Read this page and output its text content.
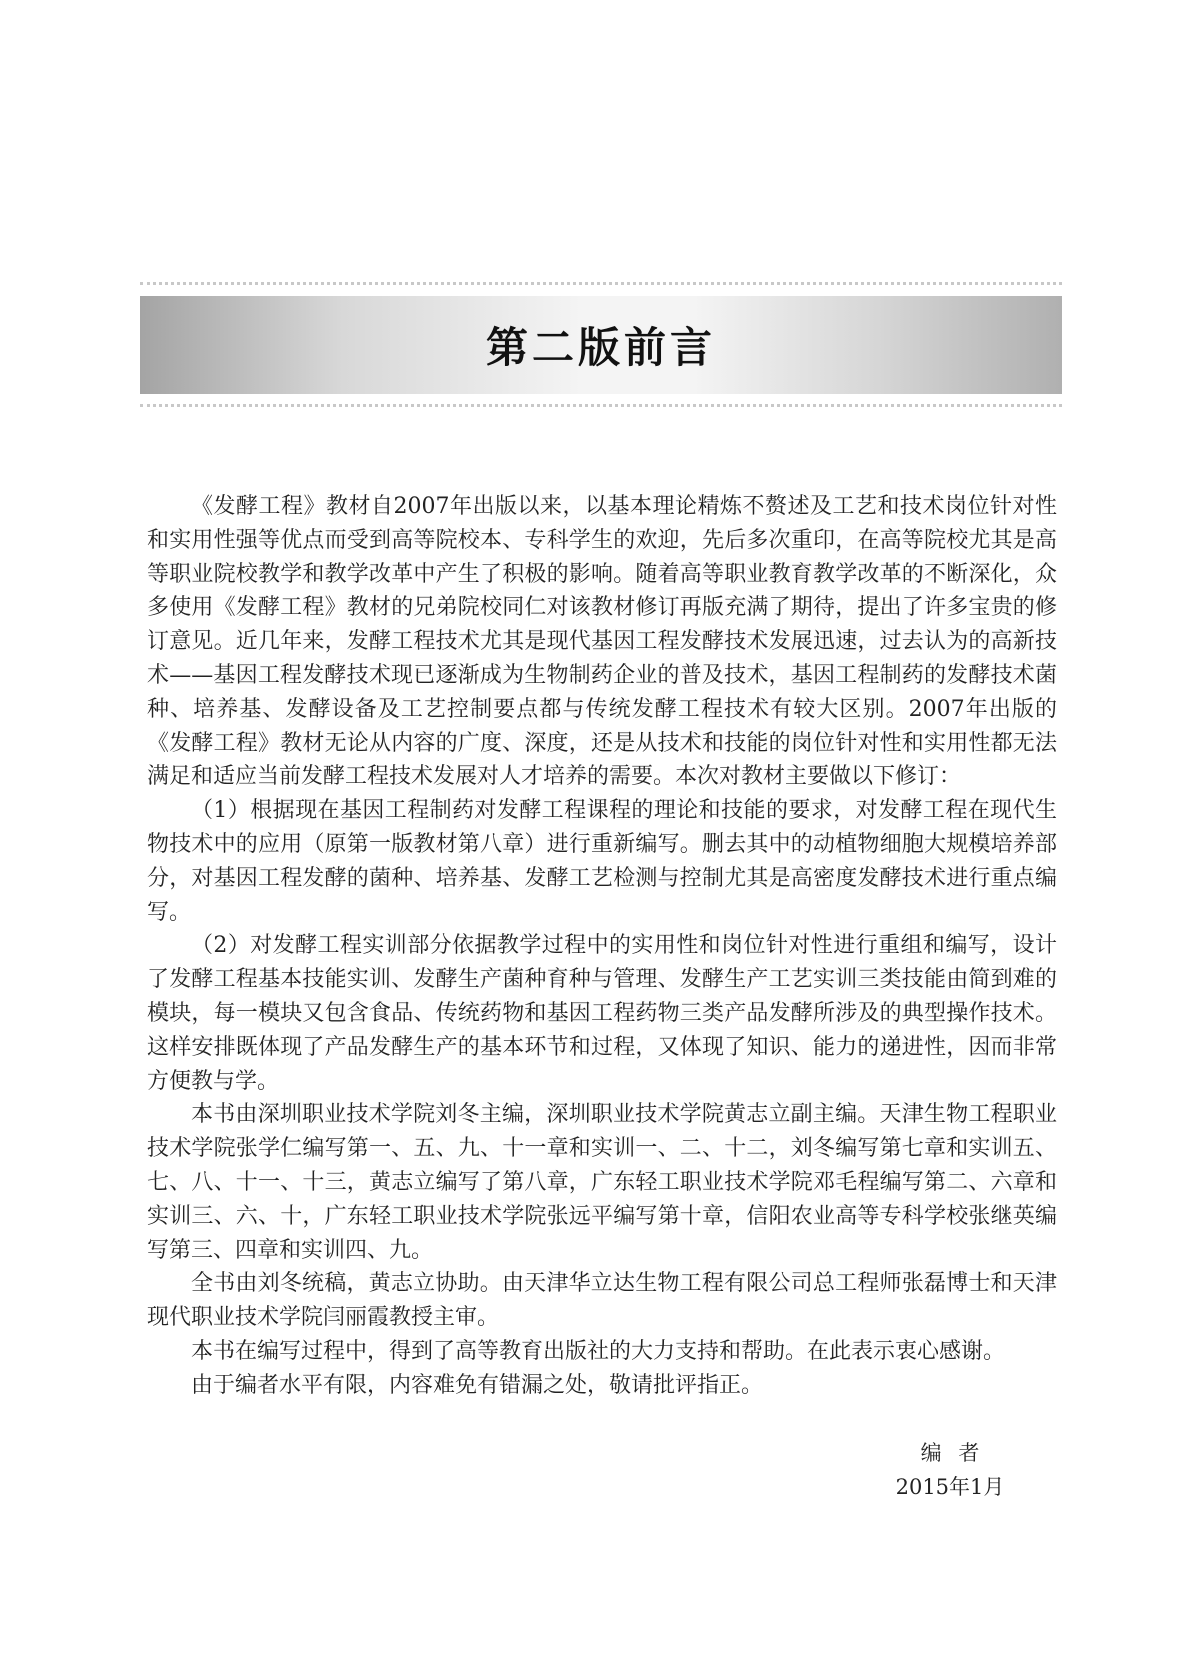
第二版前言

《发酵工程》教材自2007年出版以来，以基本理论精炼不赘述及工艺和技术岗位针对性和实用性强等优点而受到高等院校本、专科学生的欢迎，先后多次重印，在高等院校尤其是高等职业院校教学和教学改革中产生了积极的影响。随着高等职业教育教学改革的不断深化，众多使用《发酵工程》教材的兄弟院校同仁对该教材修订再版充满了期待，提出了许多宝贵的修订意见。近几年来，发酵工程技术尤其是现代基因工程发酵技术发展迅速，过去认为的高新技术——基因工程发酵技术现已逐渐成为生物制药企业的普及技术，基因工程制药的发酵技术菌种、培养基、发酵设备及工艺控制要点都与传统发酵工程技术有较大区别。2007年出版的《发酵工程》教材无论从内容的广度、深度，还是从技术和技能的岗位针对性和实用性都无法满足和适应当前发酵工程技术发展对人才培养的需要。本次对教材主要做以下修订：

（1）根据现在基因工程制药对发酵工程课程的理论和技能的要求，对发酵工程在现代生物技术中的应用（原第一版教材第八章）进行重新编写。删去其中的动植物细胞大规模培养部分，对基因工程发酵的菌种、培养基、发酵工艺检测与控制尤其是高密度发酵技术进行重点编写。

（2）对发酵工程实训部分依据教学过程中的实用性和岗位针对性进行重组和编写，设计了发酵工程基本技能实训、发酵生产菌种育种与管理、发酵生产工艺实训三类技能由简到难的模块，每一模块又包含食品、传统药物和基因工程药物三类产品发酵所涉及的典型操作技术。这样安排既体现了产品发酵生产的基本环节和过程，又体现了知识、能力的递进性，因而非常方便教与学。

本书由深圳职业技术学院刘冬主编，深圳职业技术学院黄志立副主编。天津生物工程职业技术学院张学仁编写第一、五、九、十一章和实训一、二、十二，刘冬编写第七章和实训五、七、八、十一、十三，黄志立编写了第八章，广东轻工职业技术学院邓毛程编写第二、六章和实训三、六、十，广东轻工职业技术学院张远平编写第十章，信阳农业高等专科学校张继英编写第三、四章和实训四、九。

全书由刘冬统稿，黄志立协助。由天津华立达生物工程有限公司总工程师张磊博士和天津现代职业技术学院闫丽霞教授主审。

本书在编写过程中，得到了高等教育出版社的大力支持和帮助。在此表示衷心感谢。

由于编者水平有限，内容难免有错漏之处，敬请批评指正。

编者
2015年1月
